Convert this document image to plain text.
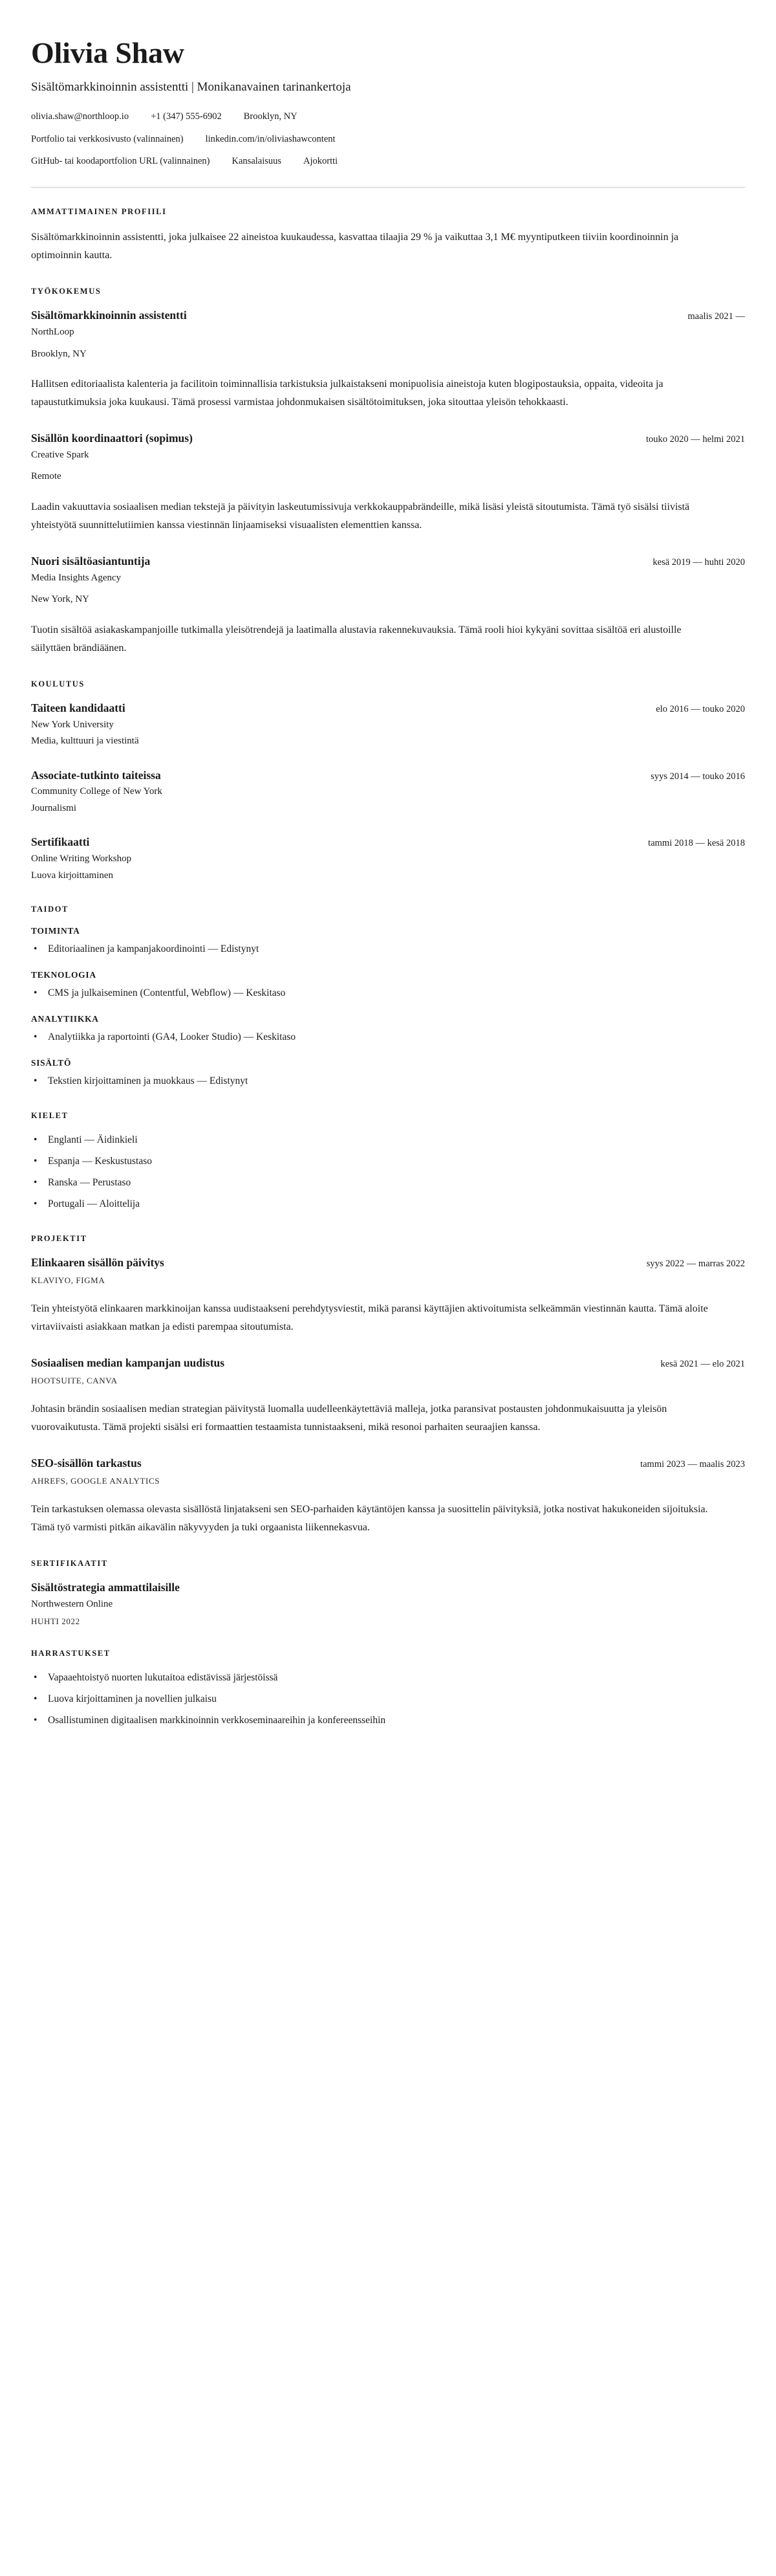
Olivia Shaw

Sisältömarkkinoinnin assistentti | Monikanavainen tarinankertoja

olivia.shaw@northloop.io +1 (347) 555-6902 Brooklyn, NY
Portfolio tai verkkosivusto (valinnainen) linkedin.com/in/oliviashawcontent
GitHub- tai koodaportfolion URL (valinnainen) Kansalaisuus Ajokortti
AMMATTIMAINEN PROFIILI

Sisältömarkkinoinnin assistentti, joka julkaisee 22 aineistoa kuukaudessa, kasvattaa tilaajia 29 % ja vaikuttaa 3,1 M€ myyntiputkeen tiiviin koordinoinnin ja optimoinnin kautta.

TYÖKOKEMUS
Sisältömarkkinoinnin assistentti	maalis 2021 —

NorthLoop

Brooklyn, NY

Hallitsen editoriaalista kalenteria ja facilitoin toiminnallisia tarkistuksia julkaistakseni monipuolisia aineistoja kuten blogipostauksia, oppaita, videoita ja tapaustutkimuksia joka kuukausi. Tämä prosessi varmistaa johdonmukaisen sisältötoimituksen, joka sitouttaa yleisön tehokkaasti.

Sisällön koordinaattori (sopimus)	touko 2020 — helmi 2021

Creative Spark

Remote

Laadin vakuuttavia sosiaalisen median tekstejä ja päivityin laskeutumissivuja verkkokauppabrändeille, mikä lisäsi yleistä sitoutumista. Tämä työ sisälsi tiivistä yhteistyötä suunnittelutiimien kanssa viestinnän linjaamiseksi visuaalisten elementtien kanssa.

Nuori sisältöasiantuntija	kesä 2019 — huhti 2020

Media Insights Agency

New York, NY

Tuotin sisältöä asiakaskampanjoille tutkimalla yleisötrendejä ja laatimalla alustavia rakennekuvauksia. Tämä rooli hioi kykyäni sovittaa sisältöä eri alustoille säilyttäen brändiäänen.

KOULUTUS
Taiteen kandidaatti	elo 2016 — touko 2020

New York University

Media, kulttuuri ja viestintä

Associate-tutkinto taiteissa	syys 2014 — touko 2016

Community College of New York

Journalismi

Sertifikaatti	tammi 2018 — kesä 2018

Online Writing Workshop

Luova kirjoittaminen

TAIDOT
TOIMINTA
• Editoriaalinen ja kampanjakoordinointi — Edistynyt
TEKNOLOGIA
• CMS ja julkaiseminen (Contentful, Webflow) — Keskitaso
ANALYTIIKKA
• Analytiikka ja raportointi (GA4, Looker Studio) — Keskitaso
SISÄLTÖ
• Tekstien kirjoittaminen ja muokkaus — Edistynyt
KIELET
• Englanti — Äidinkieli
• Espanja — Keskustustaso
• Ranska — Perustaso
• Portugali — Aloittelija
PROJEKTIT
Elinkaaren sisällön päivitys	syys 2022 — marras 2022

KLAVIYO, FIGMA

Tein yhteistyötä elinkaaren markkinoijan kanssa uudistaakseni perehdytysviestit, mikä paransi käyttäjien aktivoitumista selkeämmän viestinnän kautta. Tämä aloite virtaviivaisti asiakkaan matkan ja edisti parempaa sitoutumista.

Sosiaalisen median kampanjan uudistus	kesä 2021 — elo 2021

HOOTSUITE, CANVA

Johtasin brändin sosiaalisen median strategian päivitystä luomalla uudelleenkäytettäviä malleja, jotka paransivat postausten johdonmukaisuutta ja yleisön vuorovaikutusta. Tämä projekti sisälsi eri formaattien testaamista tunnistaakseni, mikä resonoi parhaiten seuraajien kanssa.

SEO-sisällön tarkastus	tammi 2023 — maalis 2023

AHREFS, GOOGLE ANALYTICS

Tein tarkastuksen olemassa olevasta sisällöstä linjatakseni sen SEO-parhaiden käytäntöjen kanssa ja suosittelin päivityksiä, jotka nostivat hakukoneiden sijoituksia. Tämä työ varmisti pitkän aikavälin näkyvyyden ja tuki orgaanista liikennekasvua.

SERTIFIKAATIT
Sisältöstrategia ammattilaisille

Northwestern Online

HUHTI 2022

HARRASTUKSET
• Vapaaehtoistyö nuorten lukutaitoa edistävissä järjestöissä
• Luova kirjoittaminen ja novellien julkaisu
• Osallistuminen digitaalisen markkinoinnin verkkoseminaareihin ja konfereensseihin
